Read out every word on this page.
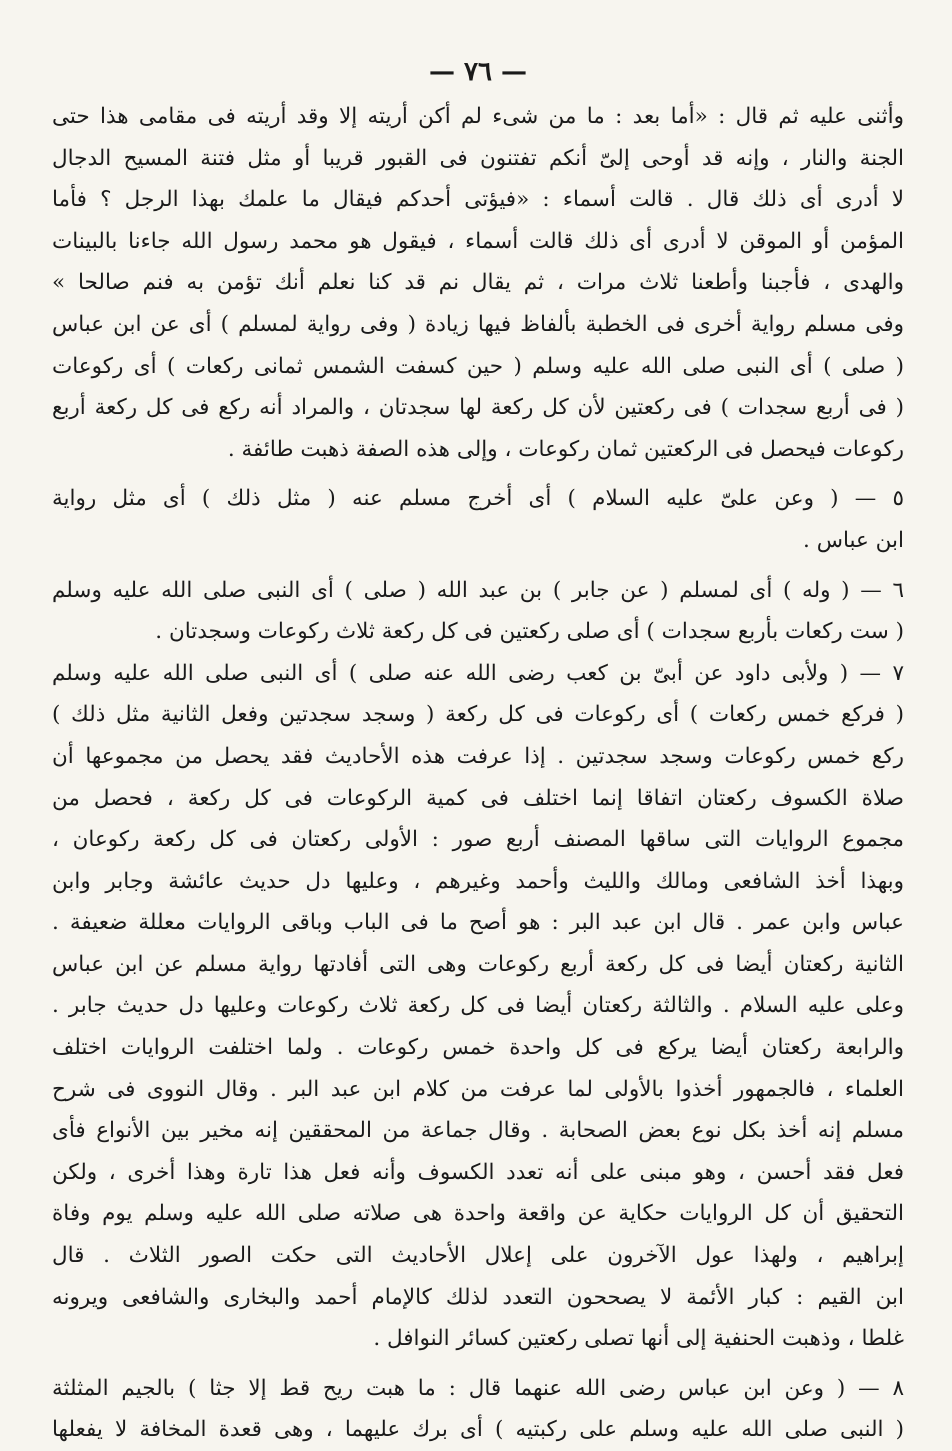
— ٧٦ —
وأثنى عليه ثم قال : «أما بعد : ما من شىء لم أكن أريته إلا وقد أريته فى مقامى هذا حتى
الجنة والنار ، وإنه قد أوحى إلىّ أنكم تفتنون فى القبور قريبا أو مثل فتنة المسيح الدجال
لا أدرى أى ذلك قال . قالت أسماء : «فيؤتى أحدكم فيقال ما علمك بهذا الرجل ؟ فأما
المؤمن أو الموقن لا أدرى أى ذلك قالت أسماء ، فيقول هو محمد رسول الله جاءنا بالبينات
والهدى ، فأجبنا وأطعنا ثلاث مرات ، ثم يقال نم قد كنا نعلم أنك تؤمن به فنم صالحا »
وفى مسلم رواية أخرى فى الخطبة بألفاظ فيها زيادة ( وفى رواية لمسلم ) أى عن ابن عباس
( صلى ) أى النبى صلى الله عليه وسلم ( حين كسفت الشمس ثمانى ركعات ) أى ركوعات
( فى أربع سجدات ) فى ركعتين لأن كل ركعة لها سجدتان ، والمراد أنه ركع فى كل ركعة أربع
ركوعات فيحصل فى الركعتين ثمان ركوعات ، وإلى هذه الصفة ذهبت طائفة .
٥ — ( وعن علىّ عليه السلام ) أى أخرج مسلم عنه ( مثل ذلك ) أى مثل رواية
ابن عباس .
٦ — ( وله ) أى لمسلم ( عن جابر ) بن عبد الله ( صلى ) أى النبى صلى الله عليه وسلم
( ست ركعات بأربع سجدات ) أى صلى ركعتين فى كل ركعة ثلاث ركوعات وسجدتان .
٧ — ( ولأبى داود عن أبىّ بن كعب رضى الله عنه صلى ) أى النبى صلى الله عليه وسلم
( فركع خمس ركعات ) أى ركوعات فى كل ركعة ( وسجد سجدتين وفعل الثانية مثل ذلك )
ركع خمس ركوعات وسجد سجدتين . إذا عرفت هذه الأحاديث فقد يحصل من مجموعها أن
صلاة الكسوف ركعتان اتفاقا إنما اختلف فى كمية الركوعات فى كل ركعة ، فحصل من
مجموع الروايات التى ساقها المصنف أربع صور : الأولى ركعتان فى كل ركعة ركوعان ،
وبهذا أخذ الشافعى ومالك والليث وأحمد وغيرهم ، وعليها دل حديث عائشة وجابر وابن
عباس وابن عمر . قال ابن عبد البر : هو أصح ما فى الباب وباقى الروايات معللة ضعيفة .
الثانية ركعتان أيضا فى كل ركعة أربع ركوعات وهى التى أفادتها رواية مسلم عن ابن عباس
وعلى عليه السلام . والثالثة ركعتان أيضا فى كل ركعة ثلاث ركوعات وعليها دل حديث جابر .
والرابعة ركعتان أيضا يركع فى كل واحدة خمس ركوعات . ولما اختلفت الروايات اختلف
العلماء ، فالجمهور أخذوا بالأولى لما عرفت من كلام ابن عبد البر . وقال النووى فى شرح
مسلم إنه أخذ بكل نوع بعض الصحابة . وقال جماعة من المحققين إنه مخير بين الأنواع فأى
فعل فقد أحسن ، وهو مبنى على أنه تعدد الكسوف وأنه فعل هذا تارة وهذا أخرى ، ولكن
التحقيق أن كل الروايات حكاية عن واقعة واحدة هى صلاته صلى الله عليه وسلم يوم وفاة
إبراهيم ، ولهذا عول الآخرون على إعلال الأحاديث التى حكت الصور الثلاث . قال
ابن القيم : كبار الأئمة لا يصححون التعدد لذلك كالإمام أحمد والبخارى والشافعى ويرونه
غلطا ، وذهبت الحنفية إلى أنها تصلى ركعتين كسائر النوافل .
٨ — ( وعن ابن عباس رضى الله عنهما قال : ما هبت ريح قط إلا جثا ) بالجيم المثلثة
( النبى صلى الله عليه وسلم على ركبتيه ) أى برك عليهما ، وهى قعدة المخافة لا يفعلها
